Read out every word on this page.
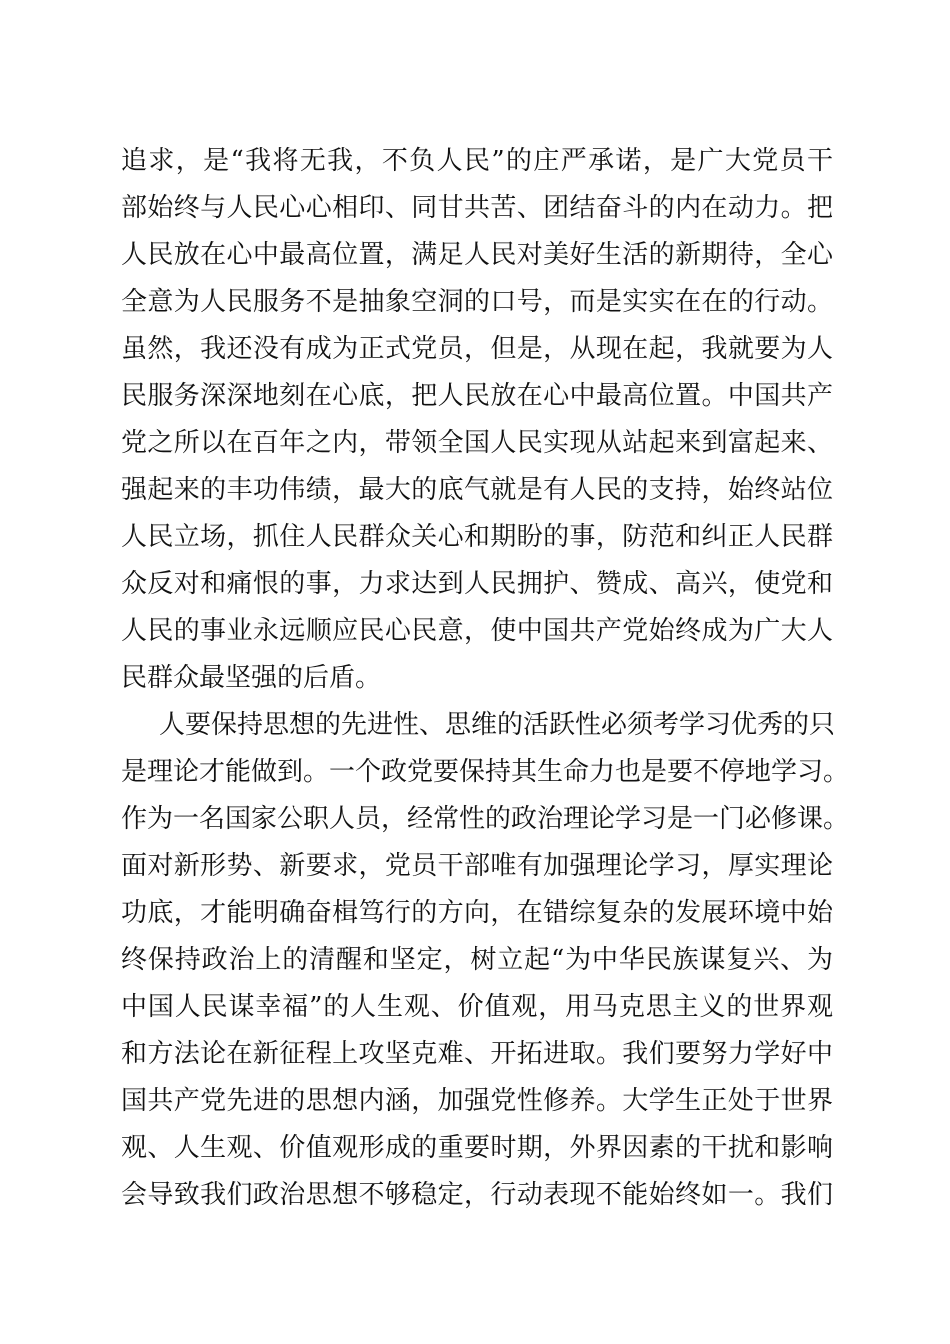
追求，是“我将无我，不负人民”的庄严承诺，是广大党员干
部始终与人民心心相印、同甘共苦、团结奋斗的内在动力。把
人民放在心中最高位置，满足人民对美好生活的新期待，全心
全意为人民服务不是抽象空洞的口号，而是实实在在的行动。
虽然，我还没有成为正式党员，但是，从现在起，我就要为人
民服务深深地刻在心底，把人民放在心中最高位置。中国共产
党之所以在百年之内，带领全国人民实现从站起来到富起来、
强起来的丰功伟绩，最大的底气就是有人民的支持，始终站位
人民立场，抓住人民群众关心和期盼的事，防范和纠正人民群
众反对和痛恨的事，力求达到人民拥护、赞成、高兴，使党和
人民的事业永远顺应民心民意，使中国共产党始终成为广大人
民群众最坚强的后盾。
人要保持思想的先进性、思维的活跃性必须考学习优秀的只
是理论才能做到。一个政党要保持其生命力也是要不停地学习。
作为一名国家公职人员，经常性的政治理论学习是一门必修课。
面对新形势、新要求，党员干部唯有加强理论学习，厚实理论
功底，才能明确奋楫笃行的方向，在错综复杂的发展环境中始
终保持政治上的清醒和坚定，树立起“为中华民族谋复兴、为
中国人民谋幸福”的人生观、价值观，用马克思主义的世界观
和方法论在新征程上攻坚克难、开拓进取。我们要努力学好中
国共产党先进的思想内涵，加强党性修养。大学生正处于世界
观、人生观、价值观形成的重要时期，外界因素的干扰和影响
会导致我们政治思想不够稳定，行动表现不能始终如一。我们
